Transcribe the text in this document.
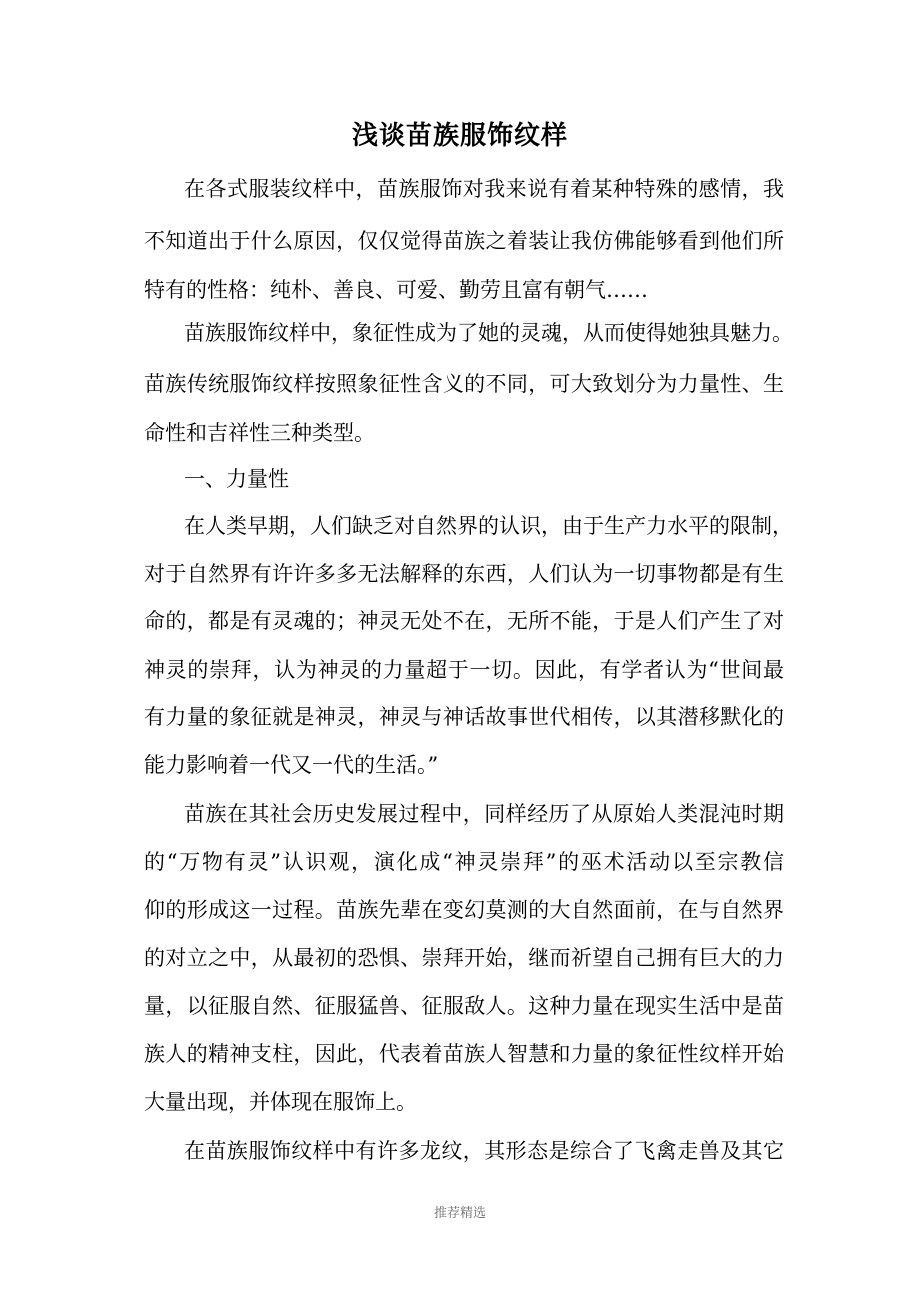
浅谈苗族服饰纹样
在各式服装纹样中，苗族服饰对我来说有着某种特殊的感情，我
不知道出于什么原因，仅仅觉得苗族之着装让我仿佛能够看到他们所
特有的性格：纯朴、善良、可爱、勤劳且富有朝气……
苗族服饰纹样中，象征性成为了她的灵魂，从而使得她独具魅力。
苗族传统服饰纹样按照象征性含义的不同，可大致划分为力量性、生
命性和吉祥性三种类型。
一、力量性
在人类早期，人们缺乏对自然界的认识，由于生产力水平的限制，
对于自然界有许许多多无法解释的东西，人们认为一切事物都是有生
命的，都是有灵魂的；神灵无处不在，无所不能，于是人们产生了对
神灵的崇拜，认为神灵的力量超于一切。因此，有学者认为“世间最
有力量的象征就是神灵，神灵与神话故事世代相传，以其潜移默化的
能力影响着一代又一代的生活。”
苗族在其社会历史发展过程中，同样经历了从原始人类混沌时期
的“万物有灵”认识观，演化成“神灵崇拜”的巫术活动以至宗教信
仰的形成这一过程。苗族先辈在变幻莫测的大自然面前，在与自然界
的对立之中，从最初的恐惧、崇拜开始，继而祈望自己拥有巨大的力
量，以征服自然、征服猛兽、征服敌人。这种力量在现实生活中是苗
族人的精神支柱，因此，代表着苗族人智慧和力量的象征性纹样开始
大量出现，并体现在服饰上。
在苗族服饰纹样中有许多龙纹，其形态是综合了飞禽走兽及其它
推荐精选
